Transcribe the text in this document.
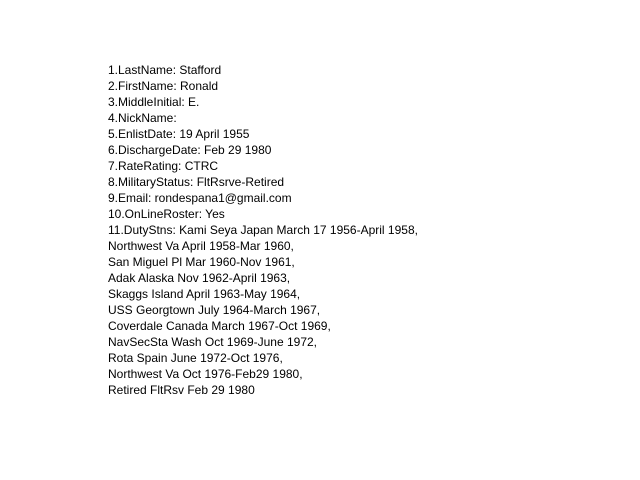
1.LastName: Stafford
2.FirstName: Ronald
3.MiddleInitial: E.
4.NickName:
5.EnlistDate: 19 April 1955
6.DischargeDate: Feb 29 1980
7.RateRating: CTRC
8.MilitaryStatus: FltRsrve-Retired
9.Email: rondespana1@gmail.com
10.OnLineRoster: Yes
11.DutyStns: Kami Seya Japan March 17 1956-April 1958,
Northwest Va April 1958-Mar 1960,
San Miguel Pl Mar 1960-Nov 1961,
Adak Alaska Nov 1962-April 1963,
Skaggs Island April 1963-May 1964,
USS Georgtown July 1964-March 1967,
Coverdale Canada March 1967-Oct 1969,
NavSecSta Wash Oct 1969-June 1972,
Rota Spain June 1972-Oct 1976,
Northwest Va Oct 1976-Feb29 1980,
Retired FltRsv Feb 29 1980
